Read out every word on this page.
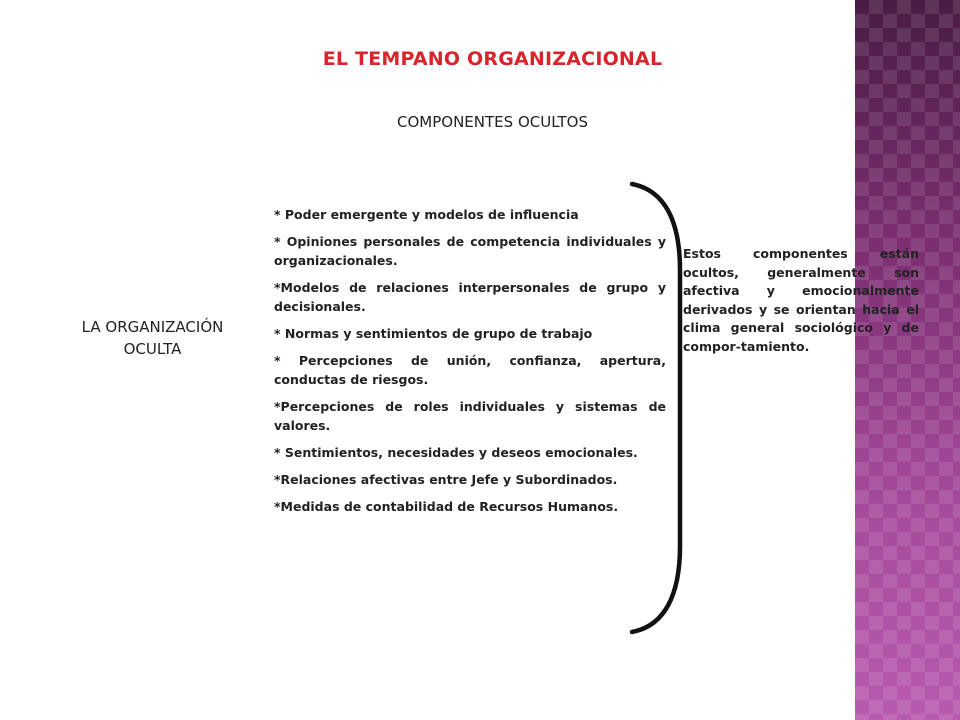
EL TEMPANO ORGANIZACIONAL
COMPONENTES OCULTOS
LA ORGANIZACIÓN
OCULTA
* Poder emergente y modelos de influencia
* Opiniones personales de competencia individuales y organizacionales.
*Modelos de relaciones interpersonales de grupo y decisionales.
* Normas y sentimientos de grupo de trabajo
* Percepciones de unión, confianza, apertura, conductas de riesgos.
*Percepciones de roles individuales y sistemas de valores.
* Sentimientos, necesidades y deseos emocionales.
*Relaciones afectivas entre Jefe y Subordinados.
*Medidas de contabilidad de Recursos Humanos.
Estos componentes están ocultos, generalmente son afectiva y emocionalmente derivados y se orientan hacia el clima general sociológico y de compor-tamiento.
